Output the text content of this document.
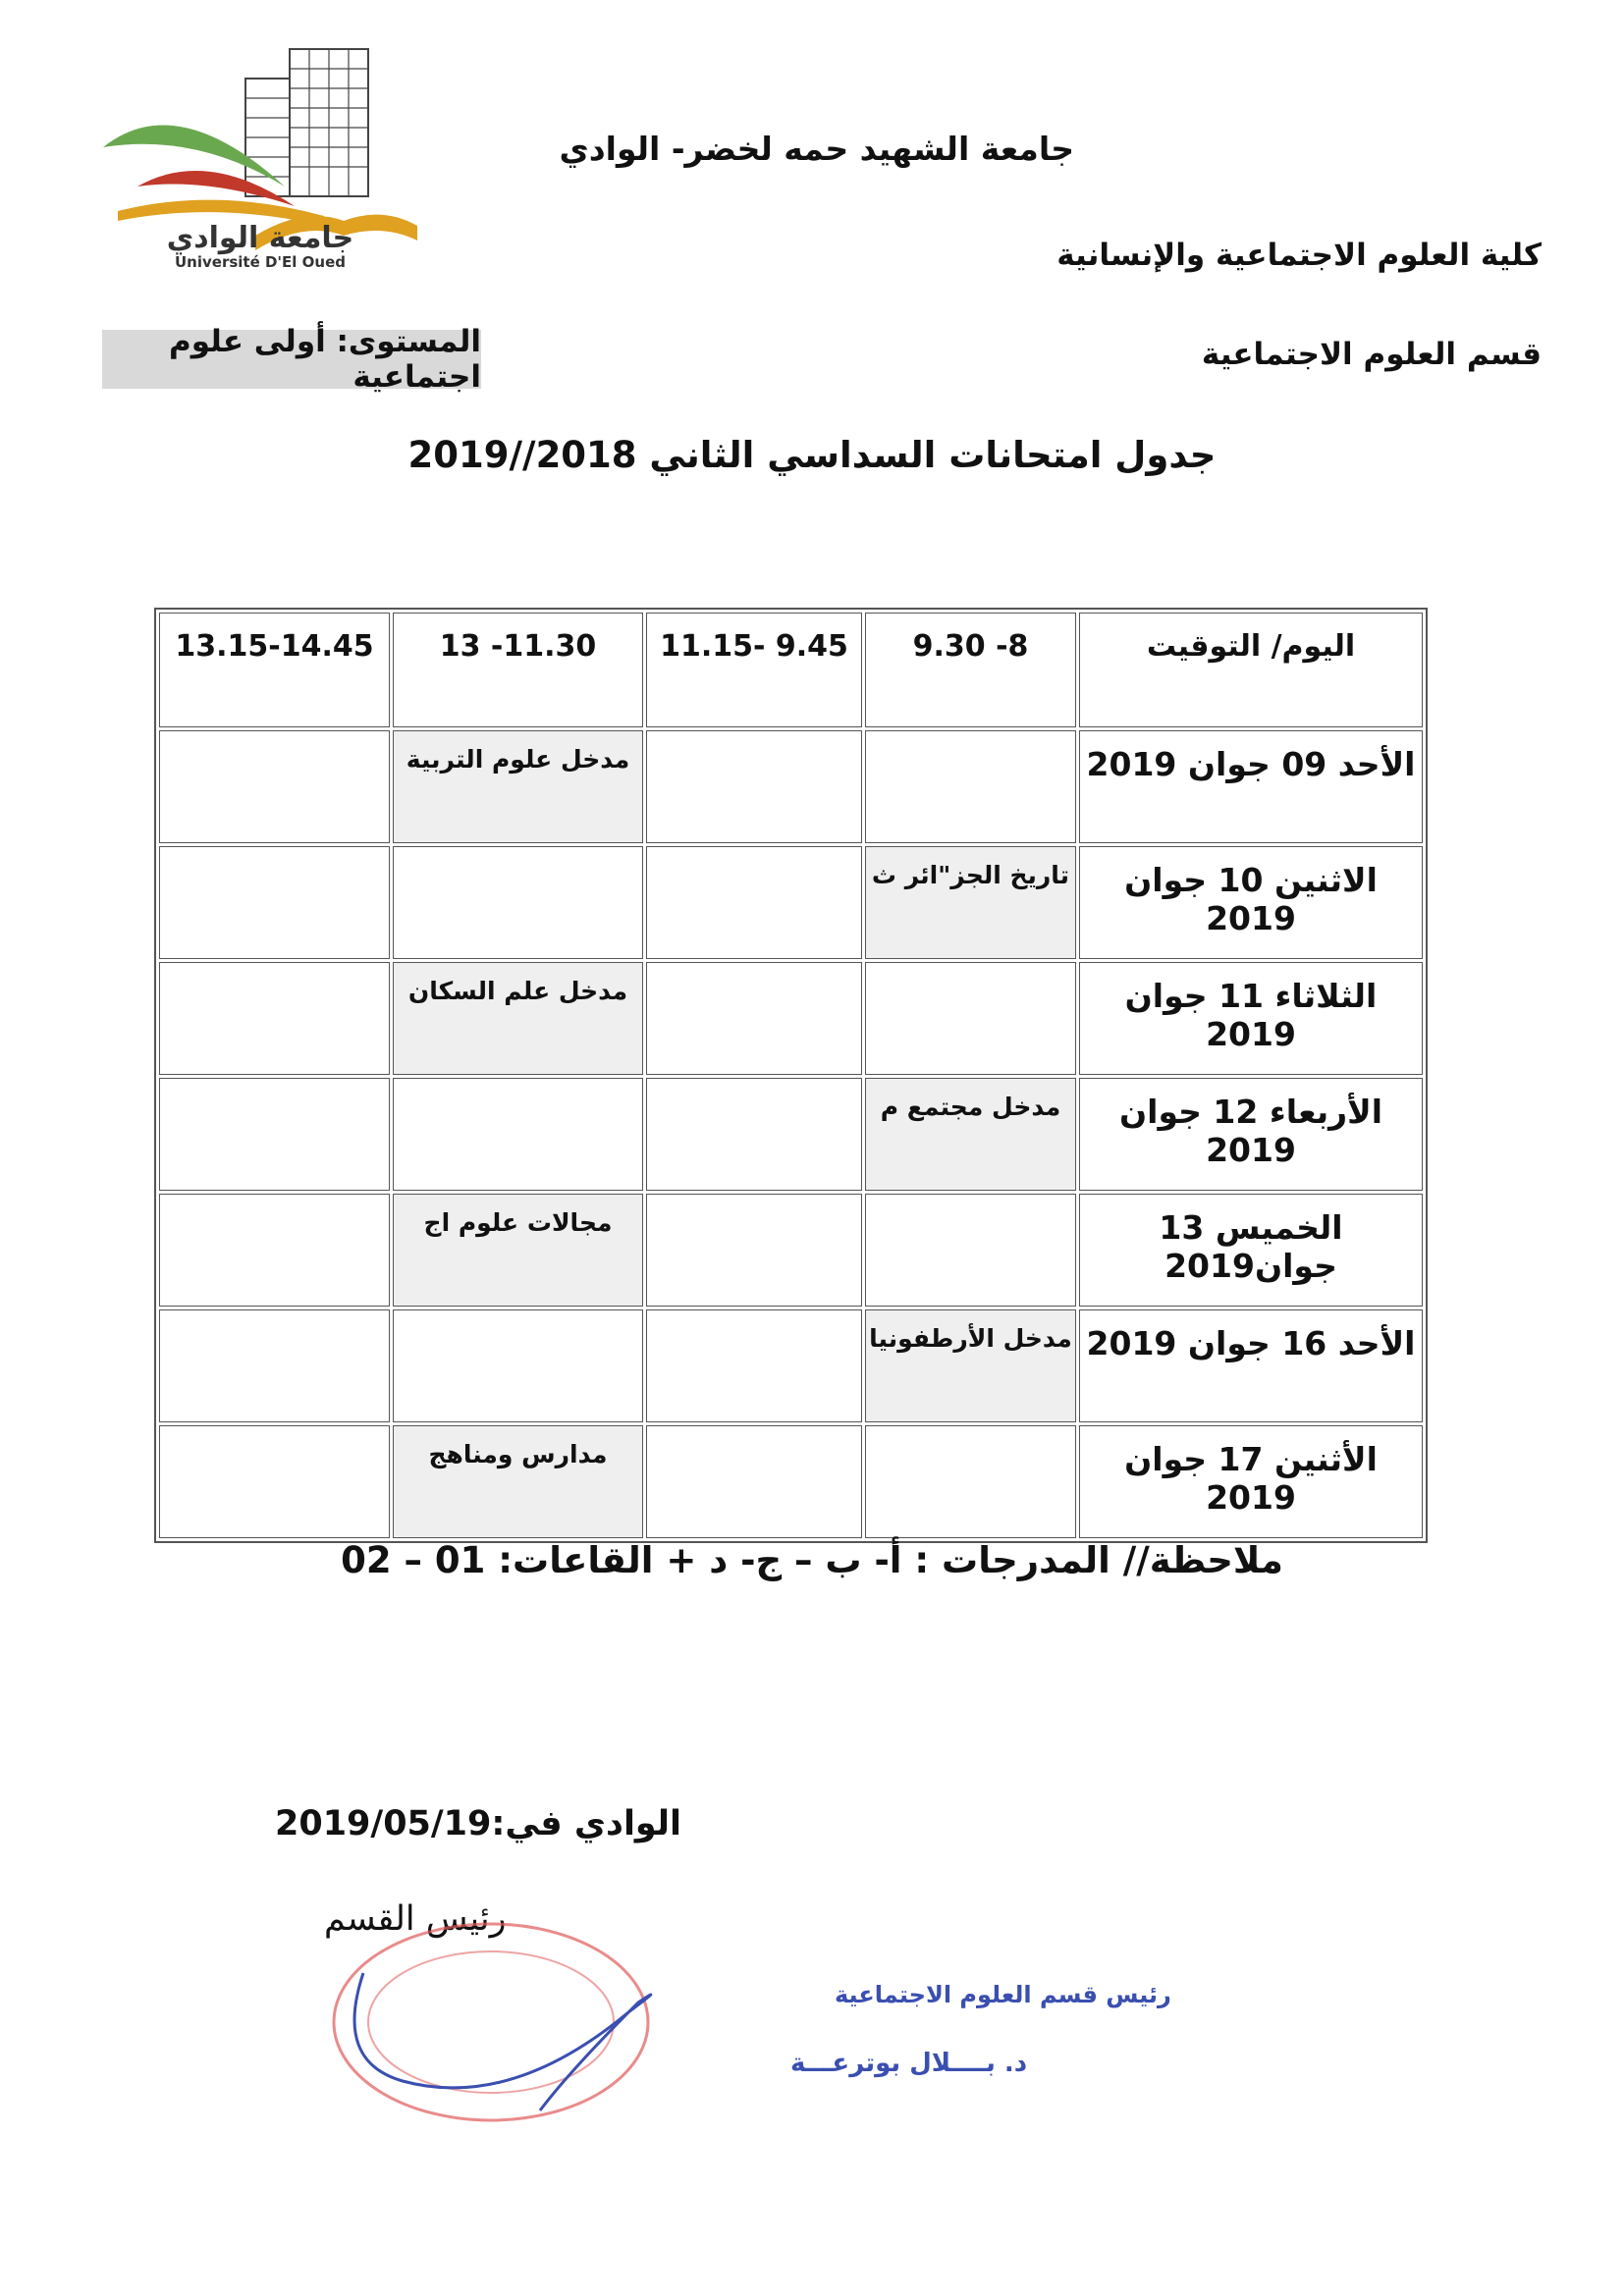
جامعة الوادي
Université D'El Oued
جامعة الشهيد حمه لخضر- الوادي
كلية العلوم الاجتماعية والإنسانية
قسم العلوم الاجتماعية
المستوى: أولى علوم اجتماعية
جدول امتحانات السداسي الثاني 2018//2019
اليوم/ التوقيت	8- 9.30	9.45 -11.15	11.30- 13	13.15-14.45
الأحد 09 جوان 2019			مدخل علوم التربية	
الاثنين 10 جوان 2019	تاريخ الجز"ائر ث			
الثلاثاء 11 جوان 2019			مدخل علم السكان	
الأربعاء 12 جوان 2019	مدخل مجتمع م			
الخميس 13 جوان2019			مجالات علوم اج	
الأحد 16 جوان 2019	مدخل الأرطفونيا			
الأثنين 17 جوان 2019			مدارس ومناهج	
ملاحظة// المدرجات : أ- ب – ج- د + القاعات: 01 – 02
الوادي في:2019/05/19
رئيس القسم
رئيس قسم العلوم الاجتماعية
د. بــــلال بوترعـــة
